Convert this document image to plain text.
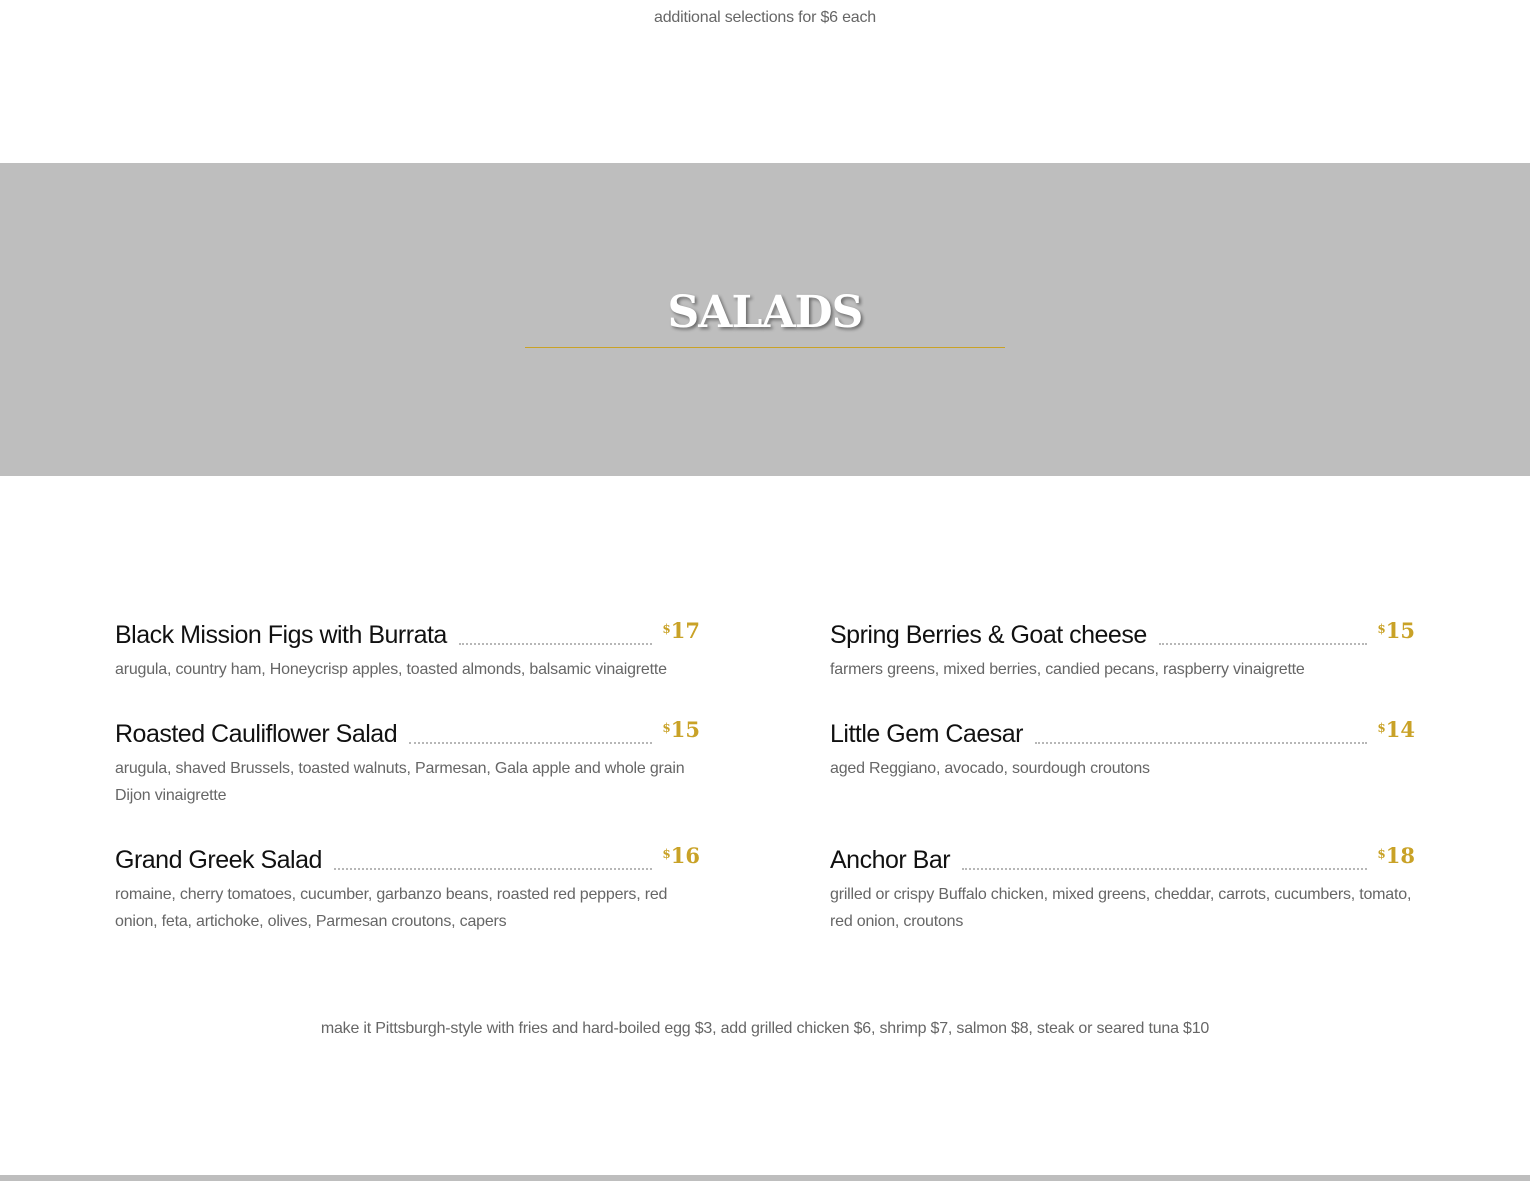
additional selections for $6 each
SALADS
Black Mission Figs with Burrata	$17
arugula, country ham, Honeycrisp apples, toasted almonds, balsamic vinaigrette
Spring Berries & Goat cheese	$15
farmers greens, mixed berries, candied pecans, raspberry vinaigrette
Roasted Cauliflower Salad	$15
arugula, shaved Brussels, toasted walnuts, Parmesan, Gala apple and whole grain Dijon vinaigrette
Little Gem Caesar	$14
aged Reggiano, avocado, sourdough croutons
Grand Greek Salad	$16
romaine, cherry tomatoes, cucumber, garbanzo beans, roasted red peppers, red onion, feta, artichoke, olives, Parmesan croutons, capers
Anchor Bar	$18
grilled or crispy Buffalo chicken, mixed greens, cheddar, carrots, cucumbers, tomato, red onion, croutons
make it Pittsburgh-style with fries and hard-boiled egg $3, add grilled chicken $6, shrimp $7, salmon $8, steak or seared tuna $10
